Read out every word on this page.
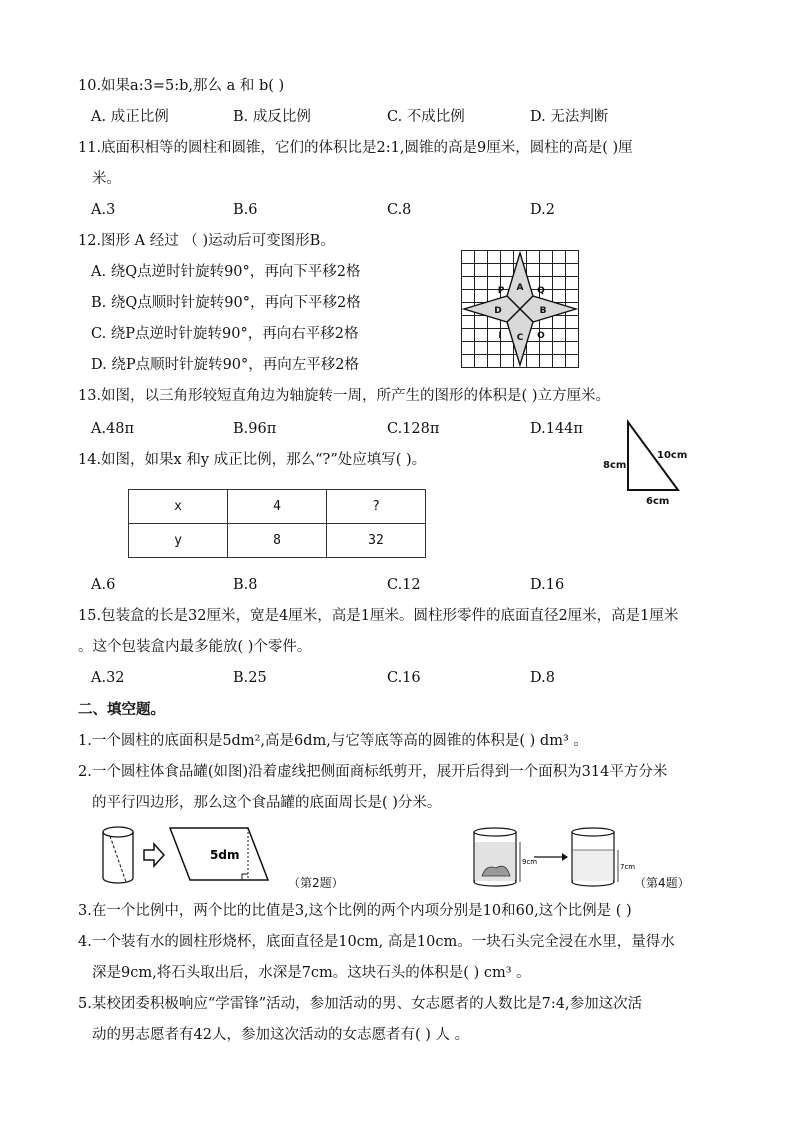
10.如果a:3=5:b,那么 a 和 b( )
A. 成正比例	B. 成反比例	C. 不成比例	D. 无法判断
11.底面积相等的圆柱和圆锥，它们的体积比是2:1,圆锥的高是9厘米，圆柱的高是( )厘
米。
A.3	B.6	C.8	D.2
12.图形 A 经过 （ )运动后可变图形B。
A. 绕Q点逆时针旋转90°，再向下平移2格
B. 绕Q点顺时针旋转90°，再向下平移2格
C. 绕P点逆时针旋转90°，再向右平移2格
D. 绕P点顺时针旋转90°，再向左平移2格
P A Q
D	B
I C O
13.如图，以三角形较短直角边为轴旋转一周，所产生的图形的体积是( )立方厘米。
A.48π	B.96π	C.128π	D.144π
8cm
10cm
6cm
14.如图，如果x 和y 成正比例，那么“?”处应填写( )。
x	4	?
y	8	32
A.6	B.8	C.12	D.16
15.包装盒的长是32厘米，宽是4厘米，高是1厘米。圆柱形零件的底面直径2厘米，高是1厘米
。这个包装盒内最多能放( )个零件。
A.32	B.25	C.16	D.8
二、填空题。
1.一个圆柱的底面积是5dm²,高是6dm,与它等底等高的圆锥的体积是( ) dm³ 。
2.一个圆柱体食品罐(如图)沿着虚线把侧面商标纸剪开，展开后得到一个面积为314平方分米
的平行四边形，那么这个食品罐的底面周长是( )分米。
5dm
（第2题）
9cm
7cm
（第4题）
3.在一个比例中，两个比的比值是3,这个比例的两个内项分别是10和60,这个比例是 ( )
4.一个装有水的圆柱形烧杯，底面直径是10cm, 高是10cm。一块石头完全浸在水里，量得水
深是9cm,将石头取出后，水深是7cm。这块石头的体积是( ) cm³ 。
5.某校团委积极响应“学雷锋”活动，参加活动的男、女志愿者的人数比是7:4,参加这次活
动的男志愿者有42人，参加这次活动的女志愿者有( ) 人 。
